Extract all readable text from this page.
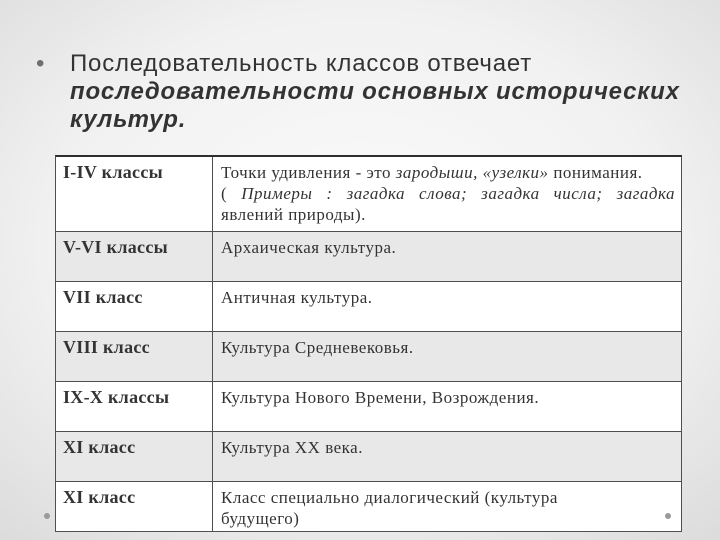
• Последовательность классов отвечает последовательности основных исторических культур.

I-IV классы	Точки удивления - это зародыши, «узелки» понимания.
( Примеры : загадка слова; загадка числа; загадка
явлений природы).
V-VI классы	Архаическая культура.
VII класс	Античная культура.
VIII класс	Культура Средневековья.
IX-X классы	Культура Нового Времени, Возрождения.
XI класс	Культура XX века.
XI класс	Класс специально диалогический (культура
будущего)
